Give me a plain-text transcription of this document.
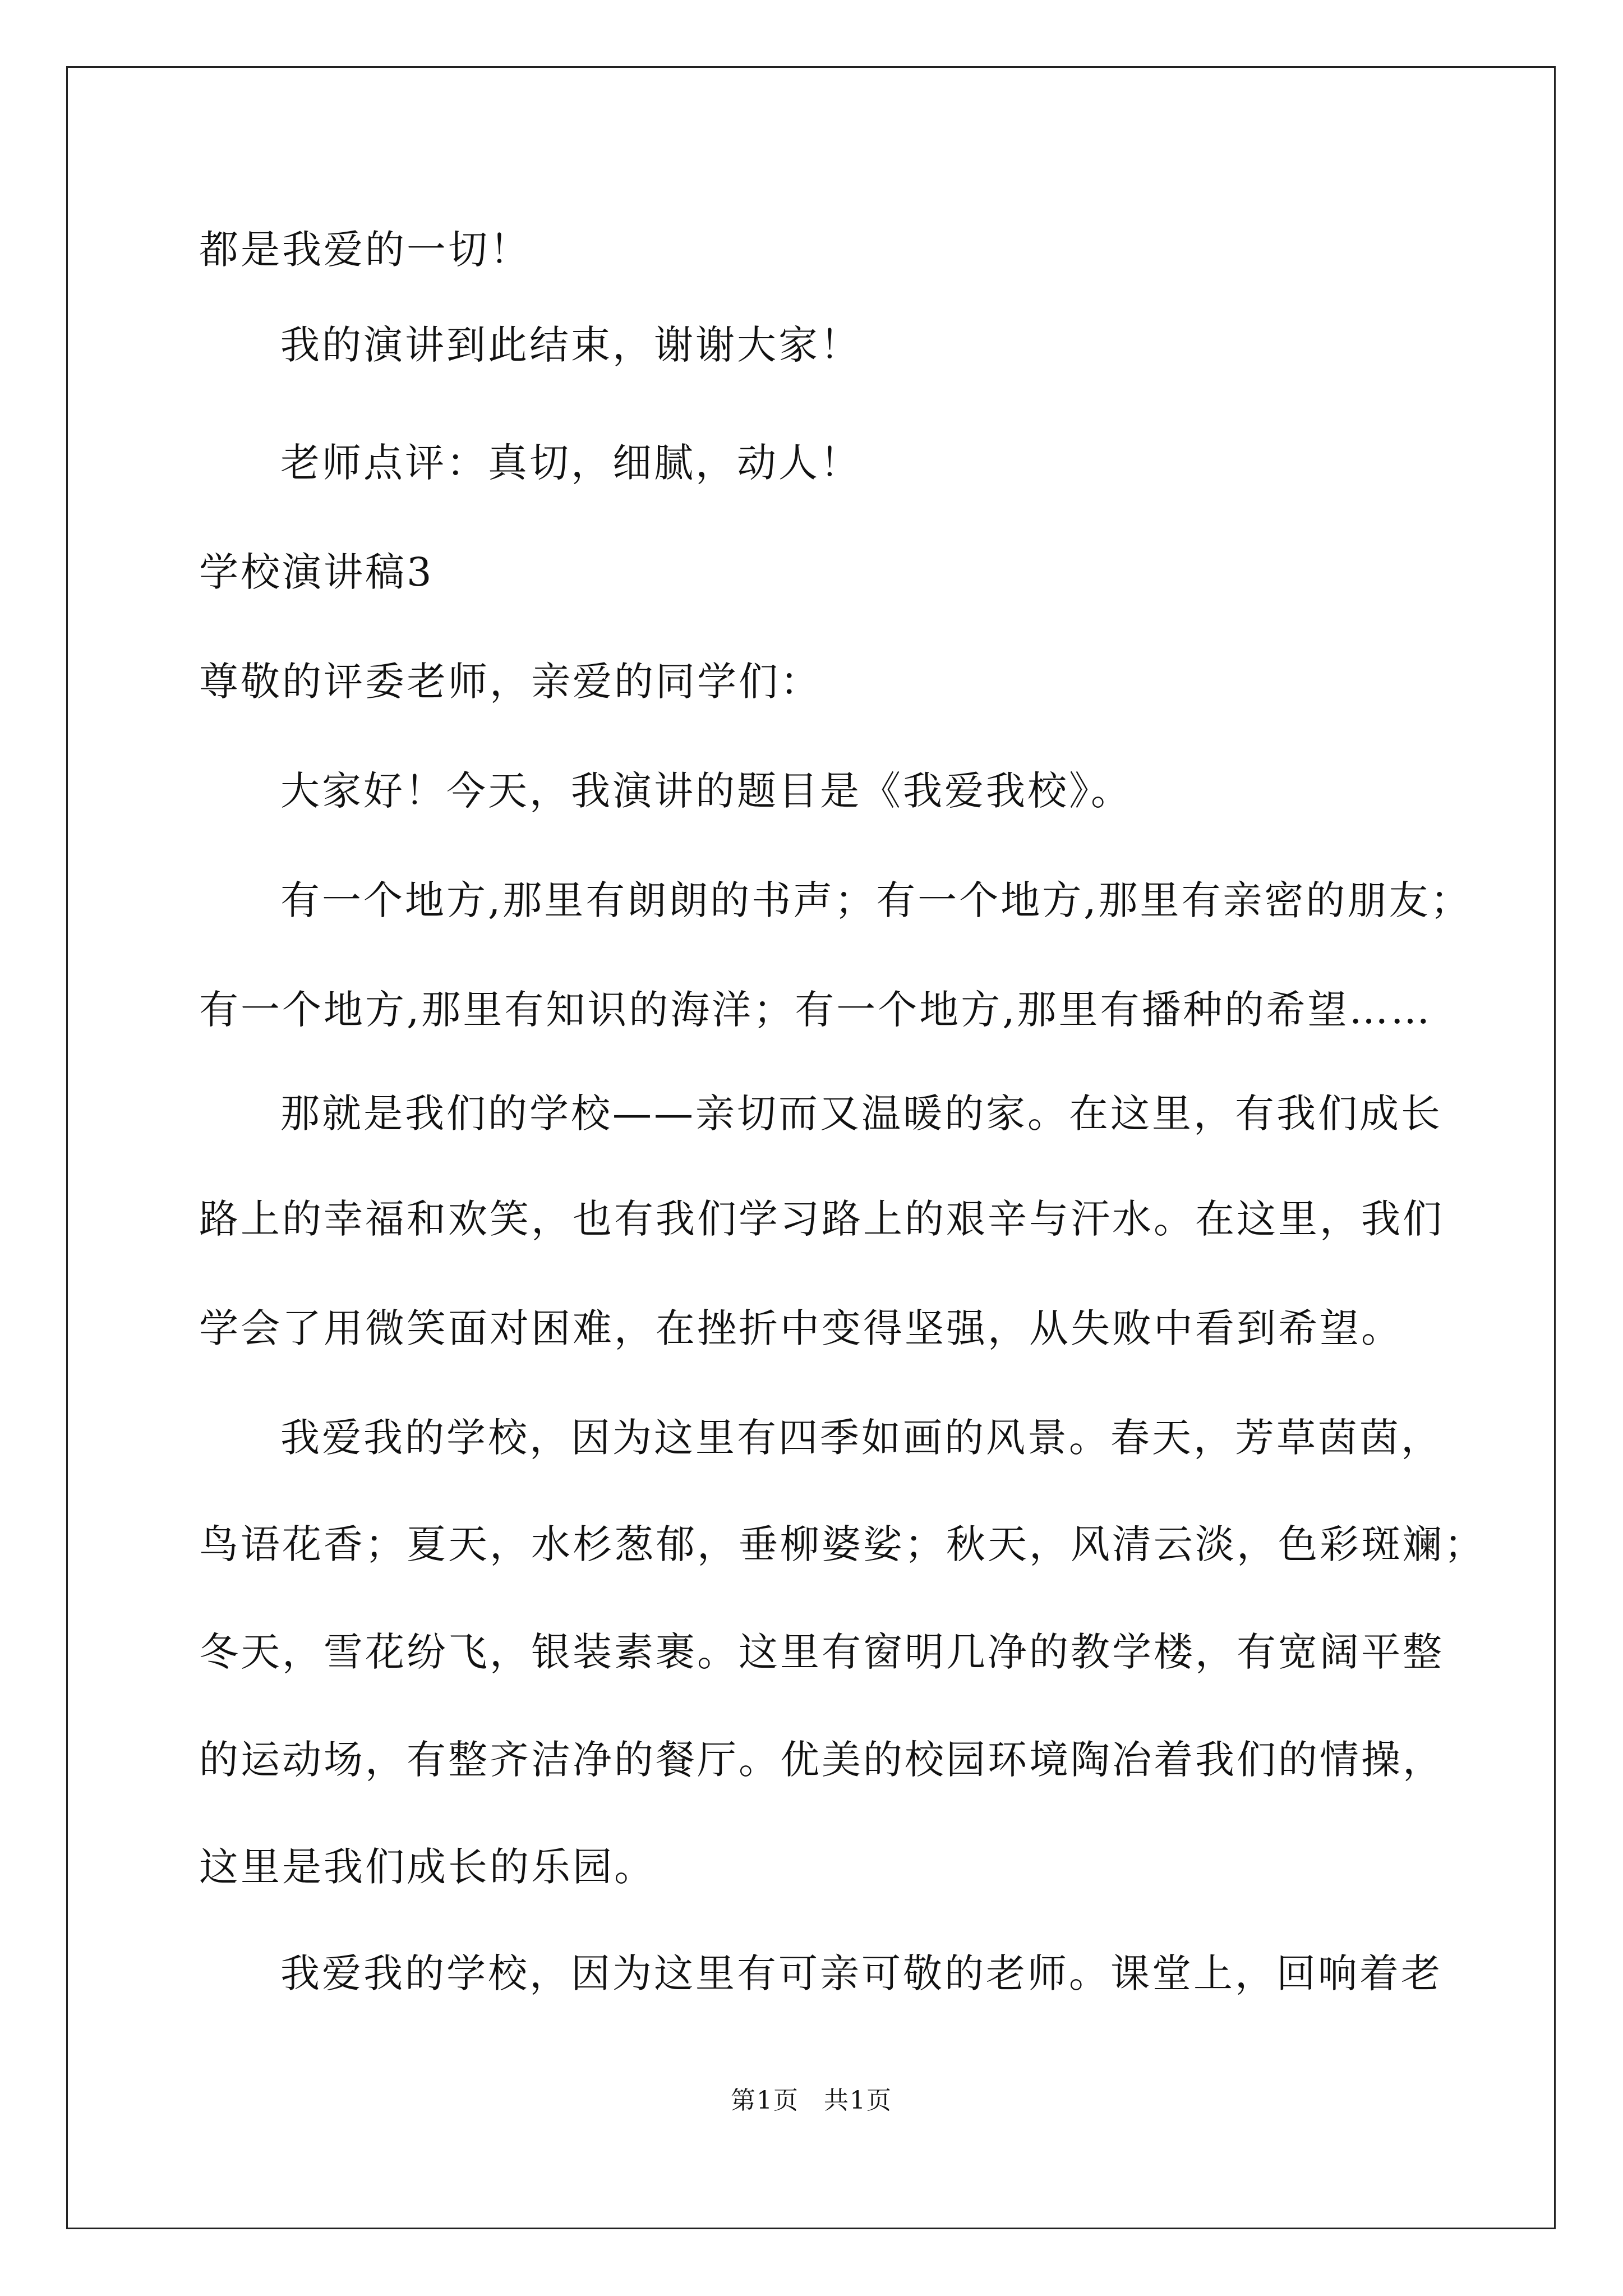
都是我爱的一切！
我的演讲到此结束，谢谢大家！
老师点评：真切，细腻，动人！
学校演讲稿3
尊敬的评委老师，亲爱的同学们：
大家好！今天，我演讲的题目是《我爱我校》。
有一个地方,那里有朗朗的书声；有一个地方,那里有亲密的朋友；
有一个地方,那里有知识的海洋；有一个地方,那里有播种的希望……
那就是我们的学校——亲切而又温暖的家。在这里，有我们成长
路上的幸福和欢笑，也有我们学习路上的艰辛与汗水。在这里，我们
学会了用微笑面对困难，在挫折中变得坚强，从失败中看到希望。
我爱我的学校，因为这里有四季如画的风景。春天，芳草茵茵，
鸟语花香；夏天，水杉葱郁，垂柳婆娑；秋天，风清云淡，色彩斑斓；
冬天，雪花纷飞，银装素裹。这里有窗明几净的教学楼，有宽阔平整
的运动场，有整齐洁净的餐厅。优美的校园环境陶冶着我们的情操，
这里是我们成长的乐园。
我爱我的学校，因为这里有可亲可敬的老师。课堂上，回响着老
第1页 共1页
